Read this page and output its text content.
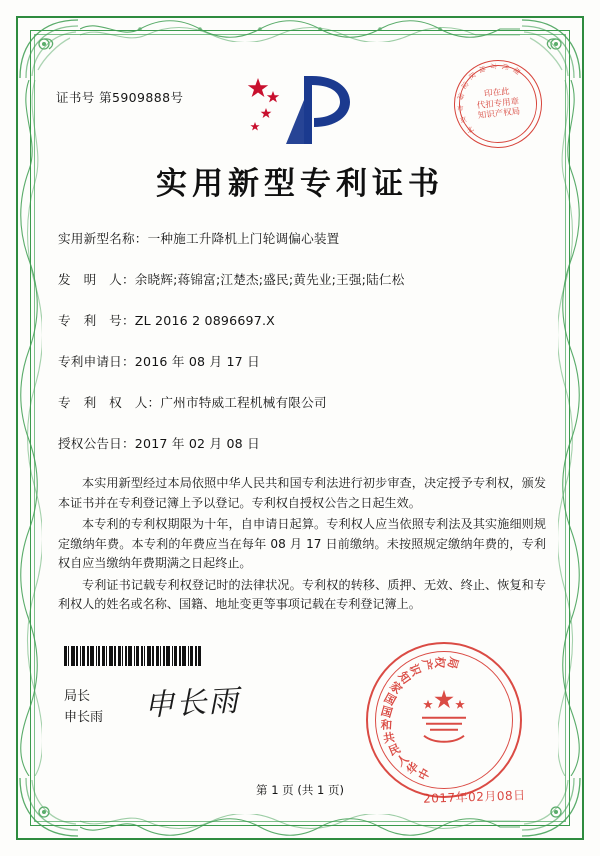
证书号 第5909888号
北
京
市
海
淀
区
地 方 代 理
印在此
代扣专用章
知识产权局
实用新型专利证书
实用新型名称：一种施工升降机上门轮调偏心装置
发　明　人：余晓辉;蒋锦富;江楚杰;盛民;黄先业;王强;陆仁松
专　利　号：ZL 2016 2 0896697.X
专利申请日：2016 年 08 月 17 日
专　利　权　人：广州市特威工程机械有限公司
授权公告日：2017 年 02 月 08 日

本实用新型经过本局依照中华人民共和国专利法进行初步审查，决定授予专利权，颁发本证书并在专利登记簿上予以登记。专利权自授权公告之日起生效。

本专利的专利权期限为十年，自申请日起算。专利权人应当依照专利法及其实施细则规定缴纳年费。本专利的年费应当在每年 08 月 17 日前缴纳。未按照规定缴纳年费的，专利权自应当缴纳年费期满之日起终止。

专利证书记载专利权登记时的法律状况。专利权的转移、质押、无效、终止、恢复和专利权人的姓名或名称、国籍、地址变更等事项记载在专利登记簿上。

局长
申长雨 申长雨
中
华
人
民
共
和
国
国
家
知
识
产
权
局
2017年02月08日
第 1 页 (共 1 页)
